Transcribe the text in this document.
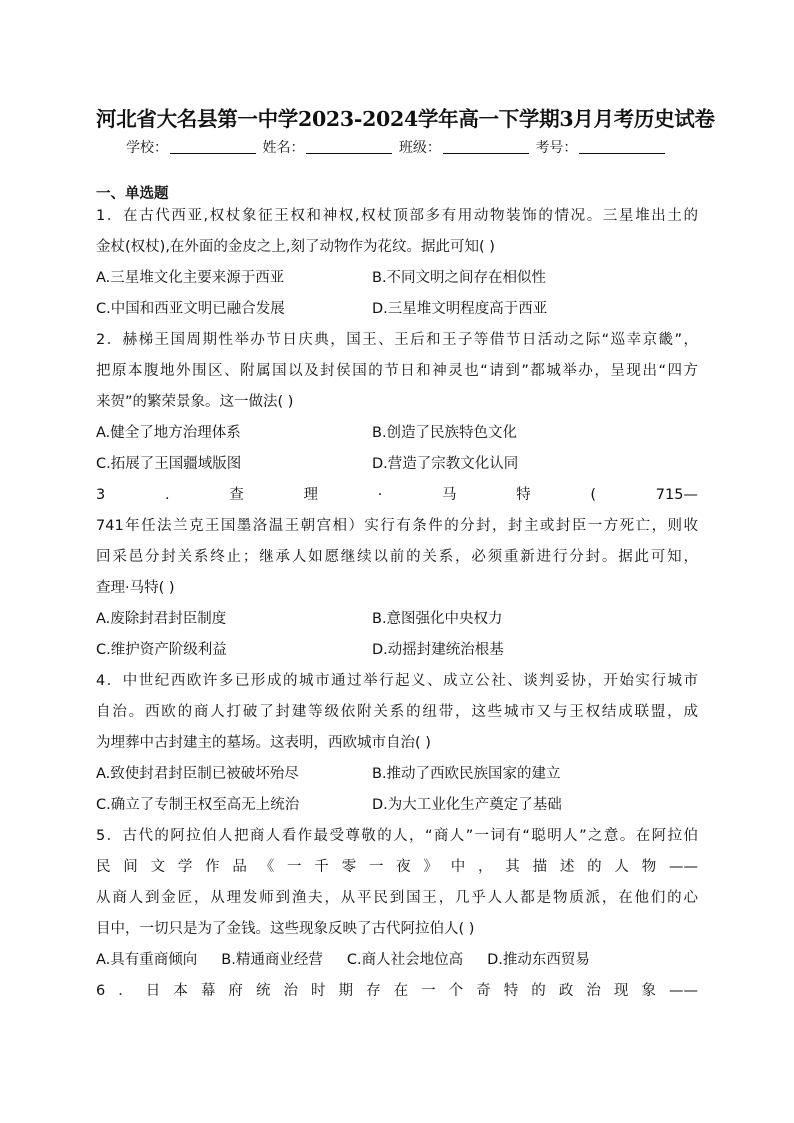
河北省大名县第一中学2023-2024学年高一下学期3月月考历史试卷
学校：	姓名：	班级：	考号：
一、单选题

1．在古代西亚,权杖象征王权和神权,权杖顶部多有用动物装饰的情况。三星堆出土的

金杖(权杖),在外面的金皮之上,刻了动物作为花纹。据此可知( )

A.三星堆文化主要来源于西亚	B.不同文明之间存在相似性
C.中国和西亚文明已融合发展	D.三星堆文明程度高于西亚

2．赫梯王国周期性举办节日庆典，国王、王后和王子等借节日活动之际“巡幸京畿”，

把原本腹地外围区、附属国以及封侯国的节日和神灵也“请到”都城举办，呈现出“四方

来贺”的繁荣景象。这一做法( )

A.健全了地方治理体系	B.创造了民族特色文化
C.拓展了王国疆域版图	D.营造了宗教文化认同
3	.	查	理	·	马	特	(	715—

741年任法兰克王国墨洛温王朝宫相）实行有条件的分封，封主或封臣一方死亡，则收

回采邑分封关系终止；继承人如愿继续以前的关系，必须重新进行分封。据此可知，

查理·马特( )

A.废除封君封臣制度	B.意图强化中央权力
C.维护资产阶级利益	D.动摇封建统治根基

4．中世纪西欧许多已形成的城市通过举行起义、成立公社、谈判妥协，开始实行城市

自治。西欧的商人打破了封建等级依附关系的纽带，这些城市又与王权结成联盟，成

为埋葬中古封建主的墓场。这表明，西欧城市自治( )

A.致使封君封臣制已被破坏殆尽	B.推动了西欧民族国家的建立
C.确立了专制王权至高无上统治	D.为大工业化生产奠定了基础

5．古代的阿拉伯人把商人看作最受尊敬的人，“商人”一词有“聪明人”之意。在阿拉伯

民间文学作品《一千零一夜》中，其描述的人物——

从商人到金匠，从理发师到渔夫，从平民到国王，几乎人人都是物质派，在他们的心

目中，一切只是为了金钱。这些现象反映了古代阿拉伯人( )

A.具有重商倾向 B.精通商业经营 C.商人社会地位高 D.推动东西贸易

6．日本幕府统治时期存在一个奇特的政治现象——
